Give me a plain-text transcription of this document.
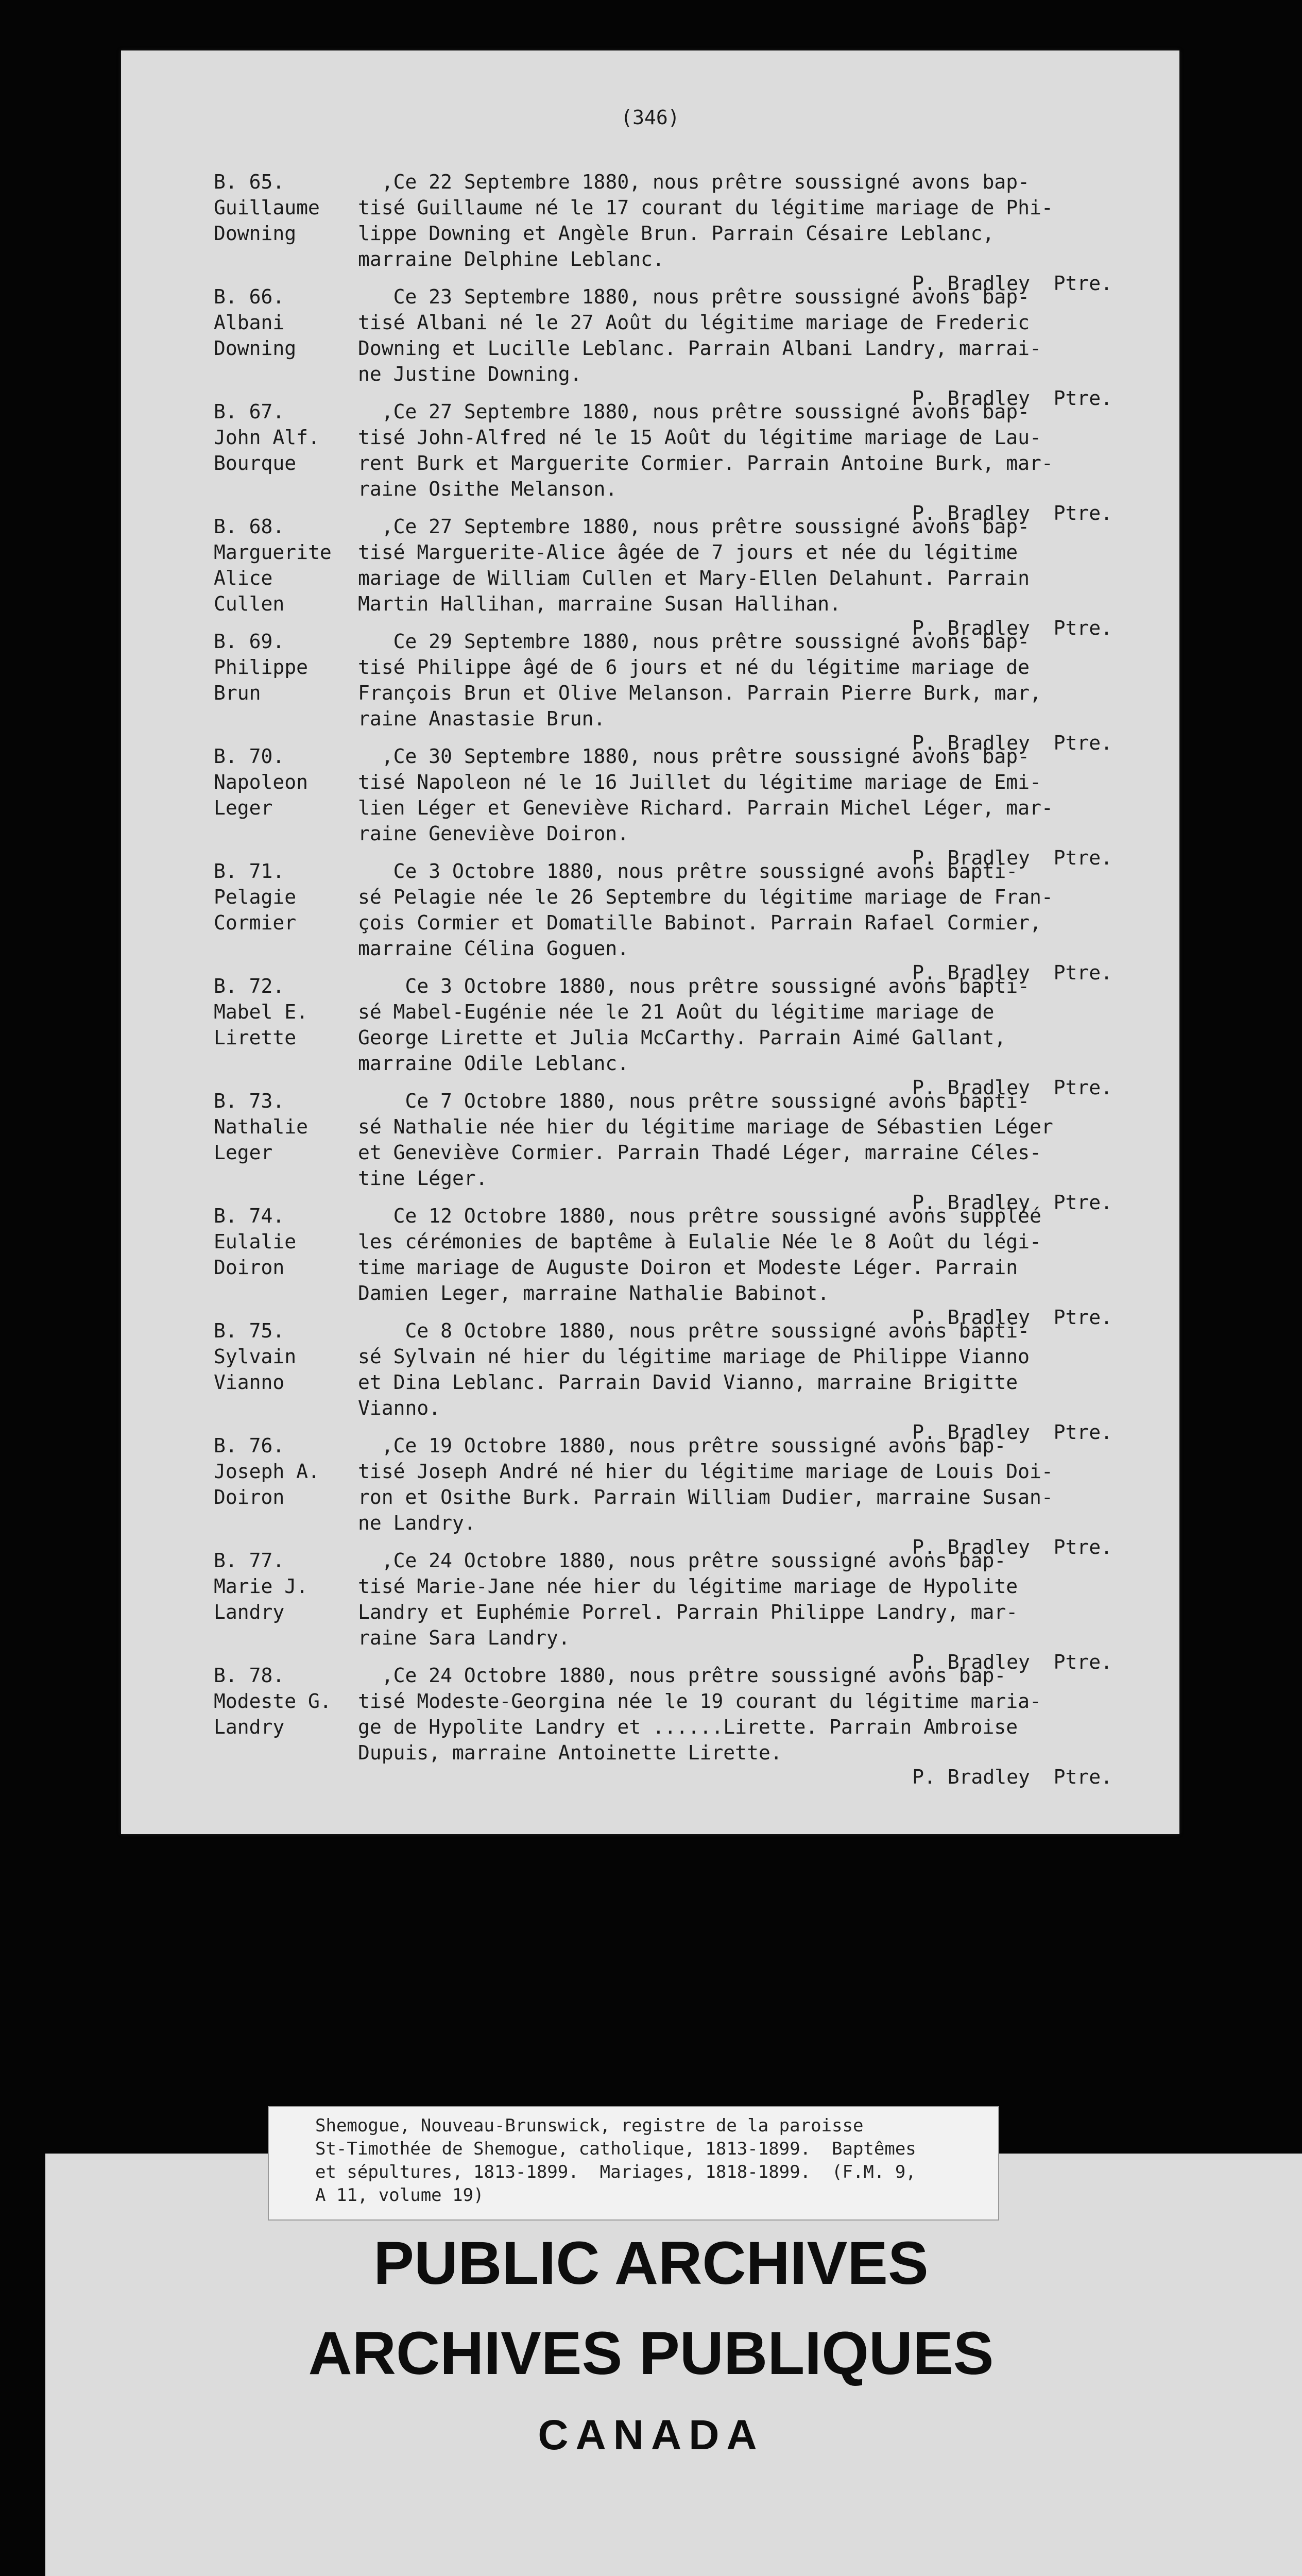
(346)
B. 65.
Guillaume
Downing
,Ce 22 Septembre 1880, nous prêtre soussigné avons bap-
tisé Guillaume né le 17 courant du légitime mariage de Phi-
lippe Downing et Angèle Brun. Parrain Césaire Leblanc,
marraine Delphine Leblanc.
P. Bradley  Ptre.
B. 66.
Albani
Downing
Ce 23 Septembre 1880, nous prêtre soussigné avons bap-
tisé Albani né le 27 Août du légitime mariage de Frederic
Downing et Lucille Leblanc. Parrain Albani Landry, marrai-
ne Justine Downing.
P. Bradley  Ptre.
B. 67.
John Alf.
Bourque
,Ce 27 Septembre 1880, nous prêtre soussigné avons bap-
tisé John-Alfred né le 15 Août du légitime mariage de Lau-
rent Burk et Marguerite Cormier. Parrain Antoine Burk, mar-
raine Osithe Melanson.
P. Bradley  Ptre.
B. 68.
Marguerite
Alice
Cullen
,Ce 27 Septembre 1880, nous prêtre soussigné avons bap-
tisé Marguerite-Alice âgée de 7 jours et née du légitime
mariage de William Cullen et Mary-Ellen Delahunt. Parrain
Martin Hallihan, marraine Susan Hallihan.
P. Bradley  Ptre.
B. 69.
Philippe
Brun
Ce 29 Septembre 1880, nous prêtre soussigné avons bap-
tisé Philippe âgé de 6 jours et né du légitime mariage de
François Brun et Olive Melanson. Parrain Pierre Burk, mar,
raine Anastasie Brun.
P. Bradley  Ptre.
B. 70.
Napoleon
Leger
,Ce 30 Septembre 1880, nous prêtre soussigné avons bap-
tisé Napoleon né le 16 Juillet du légitime mariage de Emi-
lien Léger et Geneviève Richard. Parrain Michel Léger, mar-
raine Geneviève Doiron.
P. Bradley  Ptre.
B. 71.
Pelagie
Cormier
Ce 3 Octobre 1880, nous prêtre soussigné avons bapti-
sé Pelagie née le 26 Septembre du légitime mariage de Fran-
çois Cormier et Domatille Babinot. Parrain Rafael Cormier,
marraine Célina Goguen.
P. Bradley  Ptre.
B. 72.
Mabel E.
Lirette
Ce 3 Octobre 1880, nous prêtre soussigné avons bapti-
sé Mabel-Eugénie née le 21 Août du légitime mariage de
George Lirette et Julia McCarthy. Parrain Aimé Gallant,
marraine Odile Leblanc.
P. Bradley  Ptre.
B. 73.
Nathalie
Leger
Ce 7 Octobre 1880, nous prêtre soussigné avons bapti-
sé Nathalie née hier du légitime mariage de Sébastien Léger
et Geneviève Cormier. Parrain Thadé Léger, marraine Céles-
tine Léger.
P. Bradley  Ptre.
B. 74.
Eulalie
Doiron
Ce 12 Octobre 1880, nous prêtre soussigné avons suppléé
les cérémonies de baptême à Eulalie Née le 8 Août du légi-
time mariage de Auguste Doiron et Modeste Léger. Parrain
Damien Leger, marraine Nathalie Babinot.
P. Bradley  Ptre.
B. 75.
Sylvain
Vianno
Ce 8 Octobre 1880, nous prêtre soussigné avons bapti-
sé Sylvain né hier du légitime mariage de Philippe Vianno
et Dina Leblanc. Parrain David Vianno, marraine Brigitte
Vianno.
P. Bradley  Ptre.
B. 76.
Joseph A.
Doiron
,Ce 19 Octobre 1880, nous prêtre soussigné avons bap-
tisé Joseph André né hier du légitime mariage de Louis Doi-
ron et Osithe Burk. Parrain William Dudier, marraine Susan-
ne Landry.
P. Bradley  Ptre.
B. 77.
Marie J.
Landry
,Ce 24 Octobre 1880, nous prêtre soussigné avons bap-
tisé Marie-Jane née hier du légitime mariage de Hypolite
Landry et Euphémie Porrel. Parrain Philippe Landry, mar-
raine Sara Landry.
P. Bradley  Ptre.
B. 78.
Modeste G.
Landry
,Ce 24 Octobre 1880, nous prêtre soussigné avons bap-
tisé Modeste-Georgina née le 19 courant du légitime maria-
ge de Hypolite Landry et ......Lirette. Parrain Ambroise
Dupuis, marraine Antoinette Lirette.
P. Bradley  Ptre.
Shemogue, Nouveau-Brunswick, registre de la paroisse
St-Timothée de Shemogue, catholique, 1813-1899.  Baptêmes
et sépultures, 1813-1899.  Mariages, 1818-1899.  (F.M. 9,
A 11, volume 19)
PUBLIC ARCHIVES
ARCHIVES PUBLIQUES
CANADA
